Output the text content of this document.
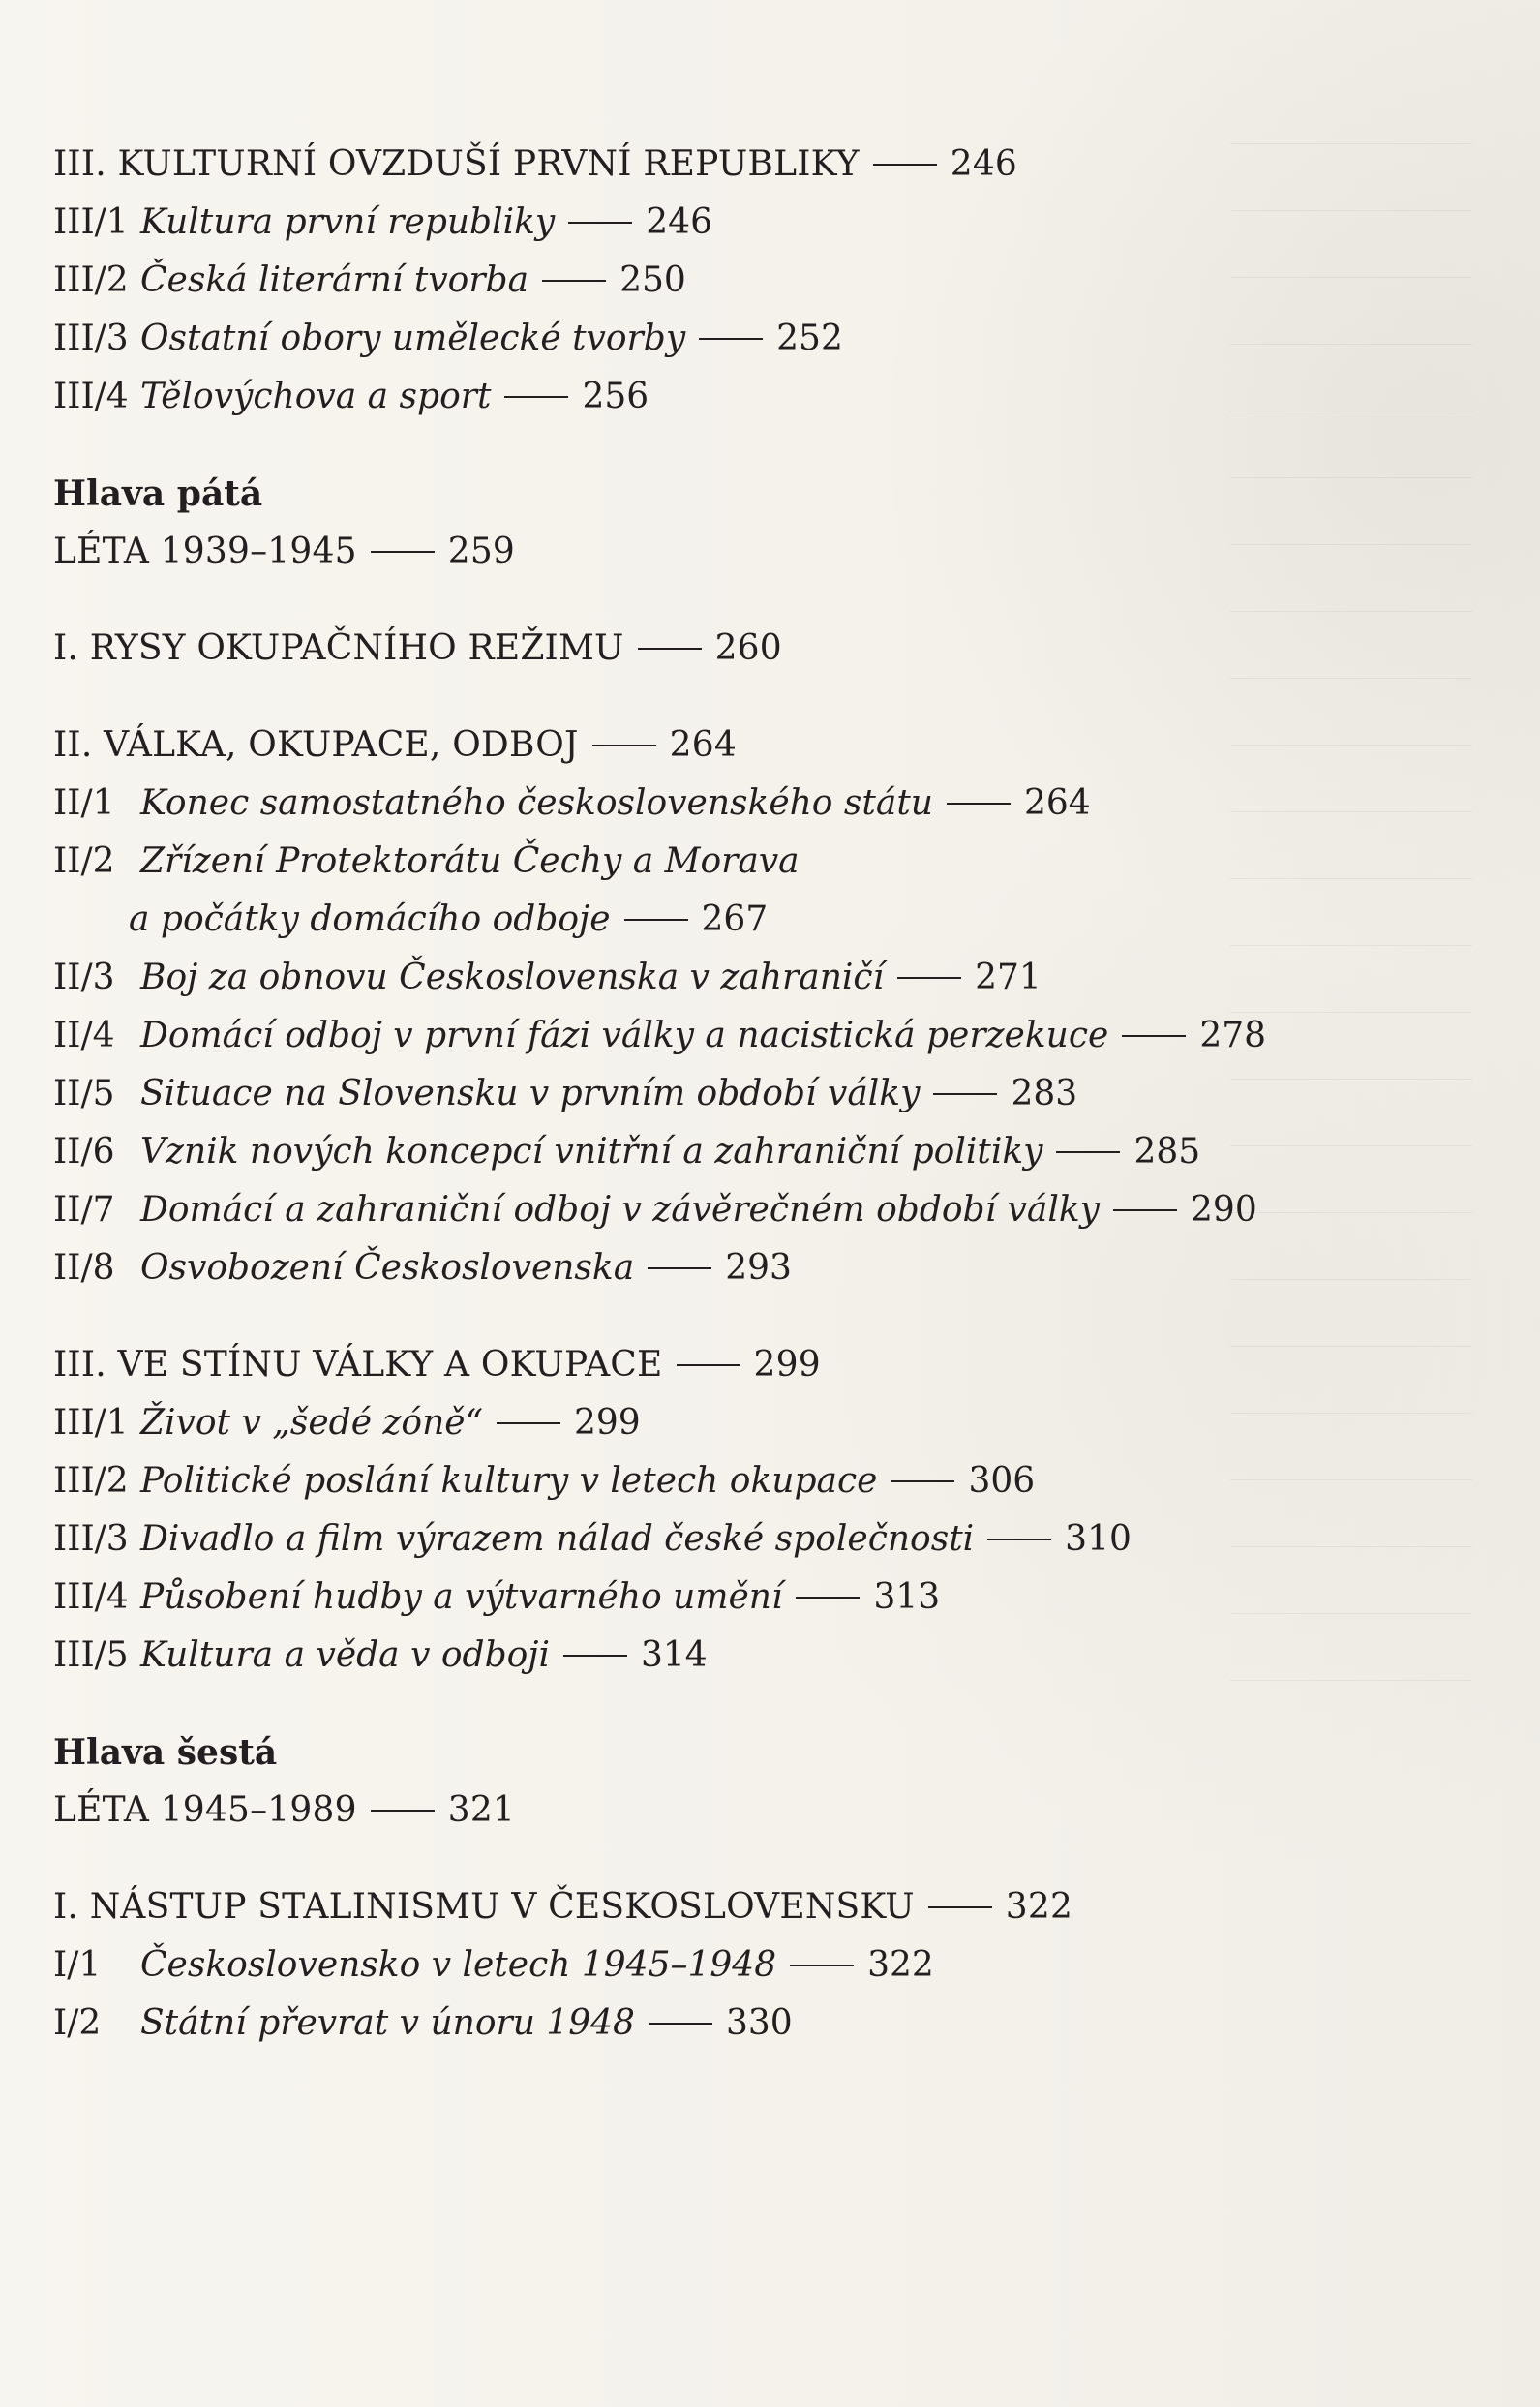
III. KULTURNÍ OVZDUŠÍ PRVNÍ REPUBLIKY	246
III/1 Kultura první republiky	246
III/2 Česká literární tvorba	250
III/3 Ostatní obory umělecké tvorby	252
III/4 Tělovýchova a sport	256
Hlava pátá
LÉTA 1939–1945	259
I. RYSY OKUPAČNÍHO REŽIMU	260
II. VÁLKA, OKUPACE, ODBOJ	264
II/1 Konec samostatného československého státu	264
II/2 Zřízení Protektorátu Čechy a Morava
a počátky domácího odboje	267
II/3 Boj za obnovu Československa v zahraničí	271
II/4 Domácí odboj v první fázi války a nacistická perzekuce	278
II/5 Situace na Slovensku v prvním období války	283
II/6 Vznik nových koncepcí vnitřní a zahraniční politiky	285
II/7 Domácí a zahraniční odboj v závěrečném období války	290
II/8 Osvobození Československa	293
III. VE STÍNU VÁLKY A OKUPACE	299
III/1 Život v „šedé zóně“	299
III/2 Politické poslání kultury v letech okupace	306
III/3 Divadlo a film výrazem nálad české společnosti	310
III/4 Působení hudby a výtvarného umění	313
III/5 Kultura a věda v odboji	314
Hlava šestá
LÉTA 1945–1989	321
I. NÁSTUP STALINISMU V ČESKOSLOVENSKU	322
I/1 Československo v letech 1945–1948	322
I/2 Státní převrat v únoru 1948	330
